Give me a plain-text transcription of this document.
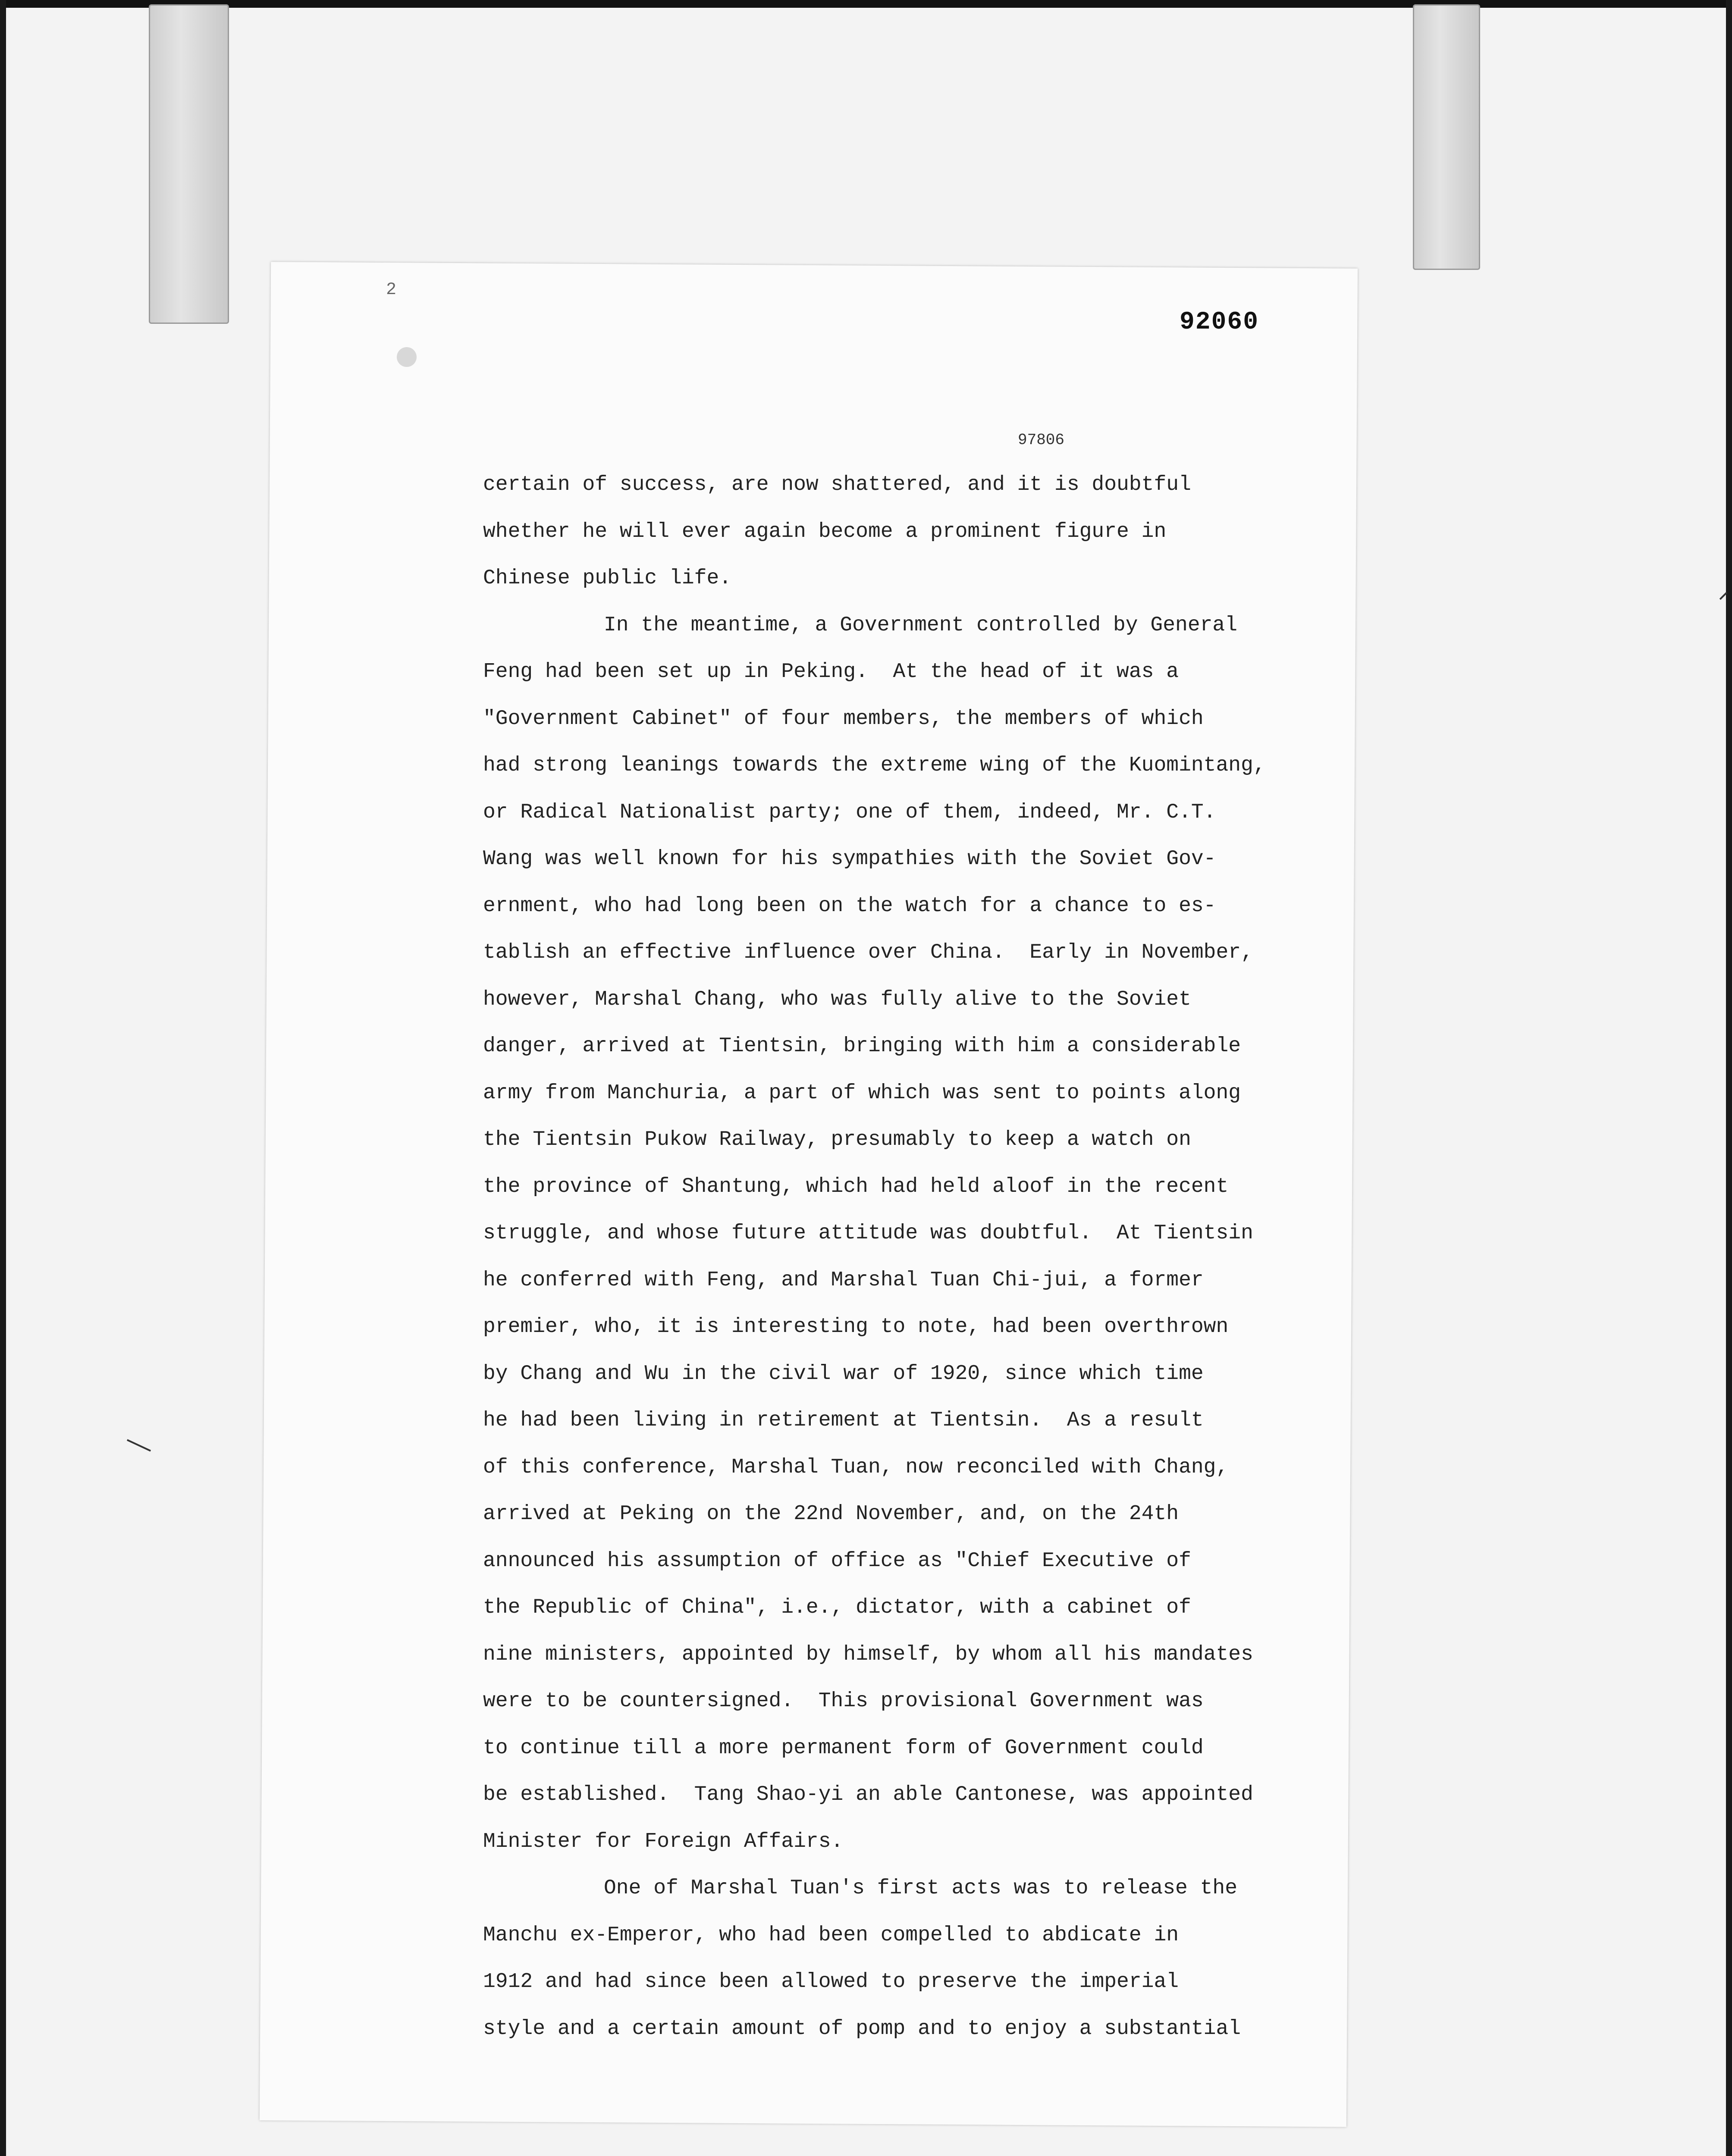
2
92060
97806
certain of success, are now shattered, and it is doubtful
whether he will ever again become a prominent figure in
Chinese public life.
In the meantime, a Government controlled by General
Feng had been set up in Peking.  At the head of it was a
"Government Cabinet" of four members, the members of which
had strong leanings towards the extreme wing of the Kuomintang,
or Radical Nationalist party; one of them, indeed, Mr. C.T.
Wang was well known for his sympathies with the Soviet Gov-
ernment, who had long been on the watch for a chance to es-
tablish an effective influence over China.  Early in November,
however, Marshal Chang, who was fully alive to the Soviet
danger, arrived at Tientsin, bringing with him a considerable
army from Manchuria, a part of which was sent to points along
the Tientsin Pukow Railway, presumably to keep a watch on
the province of Shantung, which had held aloof in the recent
struggle, and whose future attitude was doubtful.  At Tientsin
he conferred with Feng, and Marshal Tuan Chi-jui, a former
premier, who, it is interesting to note, had been overthrown
by Chang and Wu in the civil war of 1920, since which time
he had been living in retirement at Tientsin.  As a result
of this conference, Marshal Tuan, now reconciled with Chang,
arrived at Peking on the 22nd November, and, on the 24th
announced his assumption of office as "Chief Executive of
the Republic of China", i.e., dictator, with a cabinet of
nine ministers, appointed by himself, by whom all his mandates
were to be countersigned.  This provisional Government was
to continue till a more permanent form of Government could
be established.  Tang Shao-yi an able Cantonese, was appointed
Minister for Foreign Affairs.
One of Marshal Tuan's first acts was to release the
Manchu ex-Emperor, who had been compelled to abdicate in
1912 and had since been allowed to preserve the imperial
style and a certain amount of pomp and to enjoy a substantial
